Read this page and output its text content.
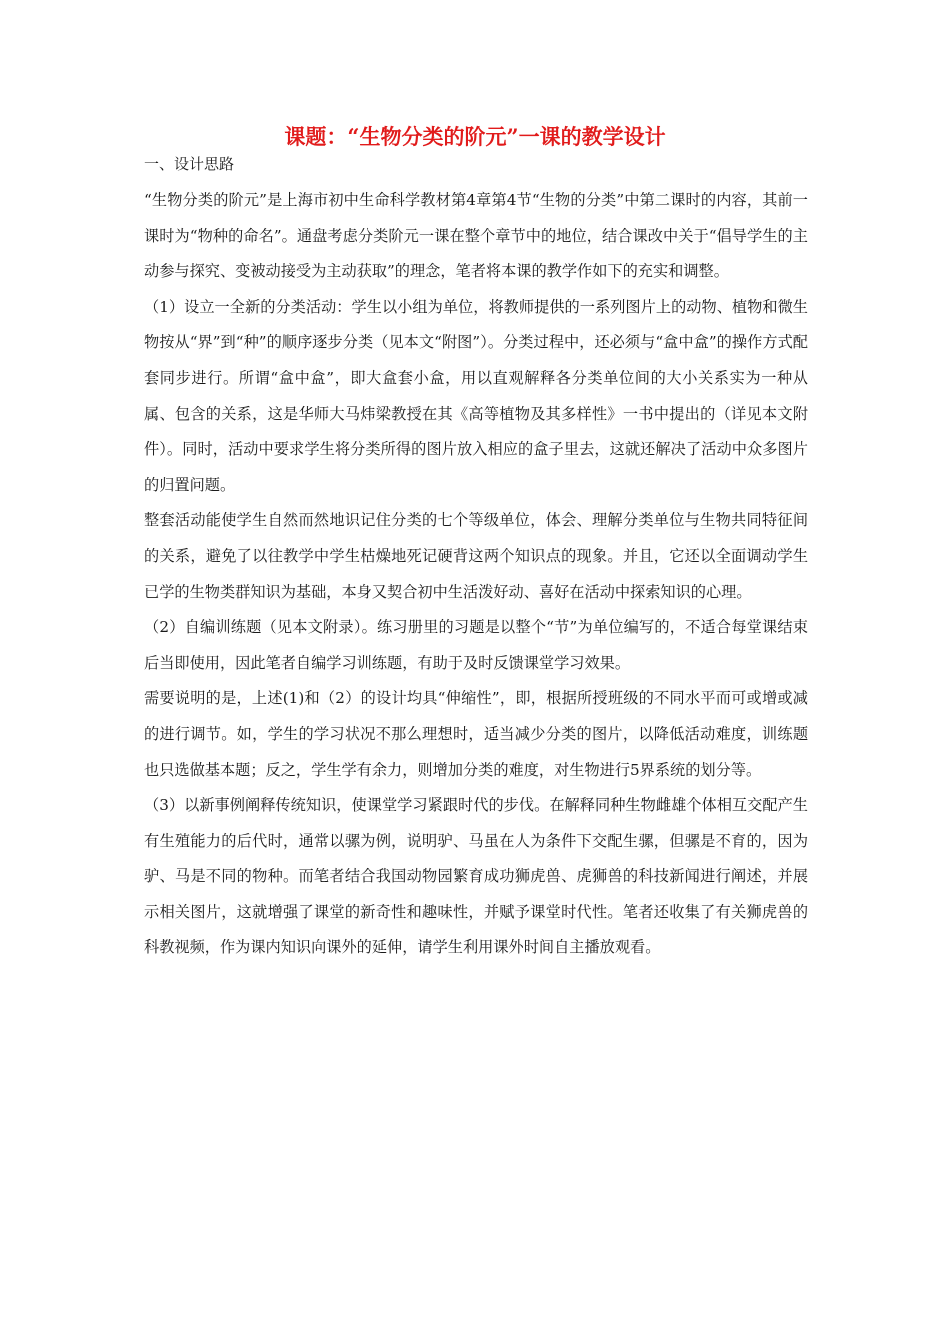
课题：“生物分类的阶元”一课的教学设计
一、设计思路

“生物分类的阶元”是上海市初中生命科学教材第4章第4节“生物的分类”中第二课时的内容，其前一课时为“物种的命名”。通盘考虑分类阶元一课在整个章节中的地位，结合课改中关于“倡导学生的主动参与探究、变被动接受为主动获取”的理念，笔者将本课的教学作如下的充实和调整。

（1）设立一全新的分类活动：学生以小组为单位，将教师提供的一系列图片上的动物、植物和微生物按从“界”到“种”的顺序逐步分类（见本文“附图”）。分类过程中，还必须与“盒中盒”的操作方式配套同步进行。所谓“盒中盒”，即大盒套小盒，用以直观解释各分类单位间的大小关系实为一种从属、包含的关系，这是华师大马炜梁教授在其《高等植物及其多样性》一书中提出的（详见本文附件）。同时，活动中要求学生将分类所得的图片放入相应的盒子里去，这就还解决了活动中众多图片的归置问题。

整套活动能使学生自然而然地识记住分类的七个等级单位，体会、理解分类单位与生物共同特征间的关系，避免了以往教学中学生枯燥地死记硬背这两个知识点的现象。并且，它还以全面调动学生已学的生物类群知识为基础，本身又契合初中生活泼好动、喜好在活动中探索知识的心理。

（2）自编训练题（见本文附录）。练习册里的习题是以整个“节”为单位编写的，不适合每堂课结束后当即使用，因此笔者自编学习训练题，有助于及时反馈课堂学习效果。

需要说明的是，上述(1)和（2）的设计均具“伸缩性”，即，根据所授班级的不同水平而可或增或减的进行调节。如，学生的学习状况不那么理想时，适当减少分类的图片，以降低活动难度，训练题也只选做基本题；反之，学生学有余力，则增加分类的难度，对生物进行5界系统的划分等。

（3）以新事例阐释传统知识，使课堂学习紧跟时代的步伐。在解释同种生物雌雄个体相互交配产生有生殖能力的后代时，通常以骡为例，说明驴、马虽在人为条件下交配生骡，但骡是不育的，因为驴、马是不同的物种。而笔者结合我国动物园繁育成功狮虎兽、虎狮兽的科技新闻进行阐述，并展示相关图片，这就增强了课堂的新奇性和趣味性，并赋予课堂时代性。笔者还收集了有关狮虎兽的科教视频，作为课内知识向课外的延伸，请学生利用课外时间自主播放观看。
